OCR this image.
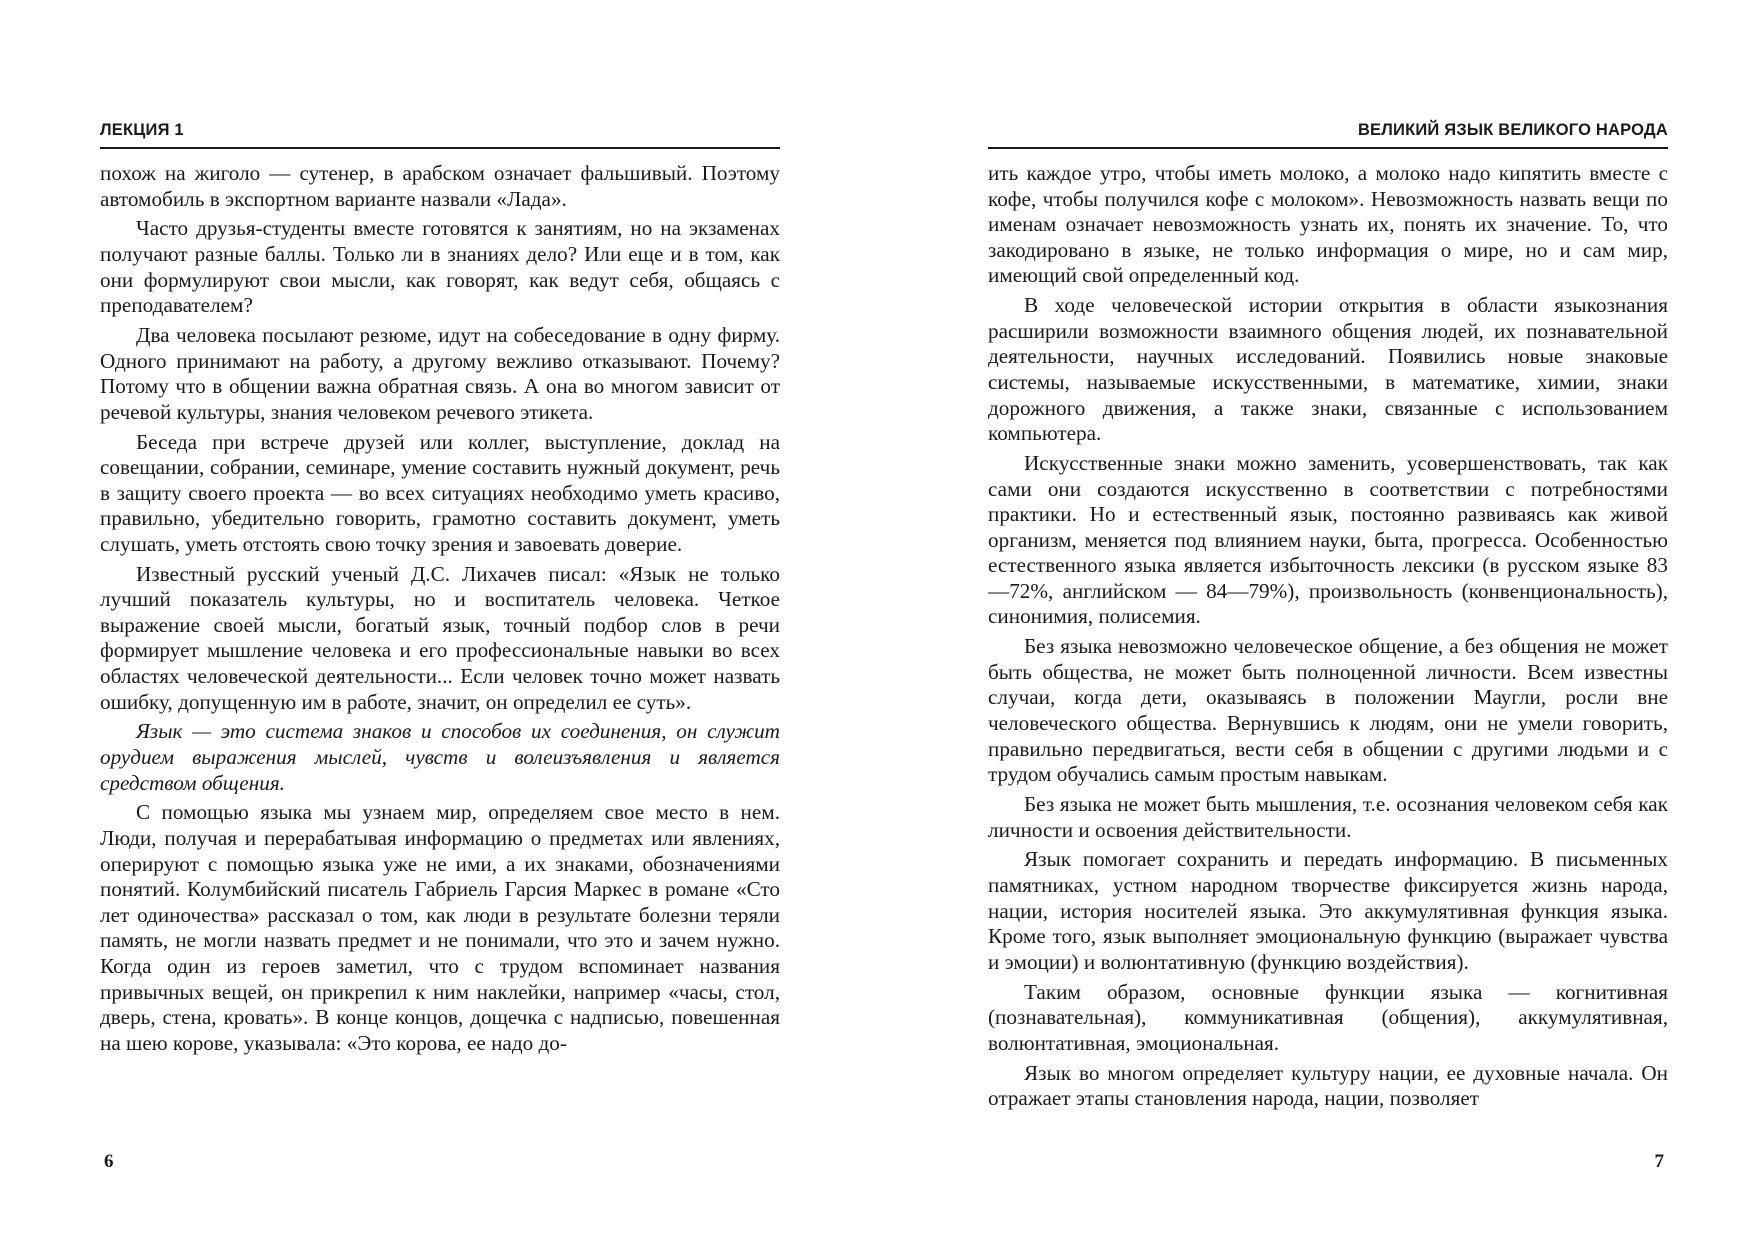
ЛЕКЦИЯ 1

похож на жиголо — сутенер, в арабском означает фальшивый. Поэтому автомобиль в экспортном варианте назвали «Лада».

Часто друзья-студенты вместе готовятся к занятиям, но на экзаменах получают разные баллы. Только ли в знаниях дело? Или еще и в том, как они формулируют свои мысли, как говорят, как ведут себя, общаясь с преподавателем?

Два человека посылают резюме, идут на собеседование в одну фирму. Одного принимают на работу, а другому вежливо отказывают. Почему? Потому что в общении важна обратная связь. А она во многом зависит от речевой культуры, знания человеком речевого этикета.

Беседа при встрече друзей или коллег, выступление, доклад на совещании, собрании, семинаре, умение составить нужный документ, речь в защиту своего проекта — во всех ситуациях необходимо уметь красиво, правильно, убедительно говорить, грамотно составить документ, уметь слушать, уметь отстоять свою точку зрения и завоевать доверие.

Известный русский ученый Д.С. Лихачев писал: «Язык не только лучший показатель культуры, но и воспитатель человека. Четкое выражение своей мысли, богатый язык, точный подбор слов в речи формирует мышление человека и его профессиональные навыки во всех областях человеческой деятельности... Если человек точно может назвать ошибку, допущенную им в работе, значит, он определил ее суть».

Язык — это система знаков и способов их соединения, он служит орудием выражения мыслей, чувств и волеизъявления и является средством общения.

С помощью языка мы узнаем мир, определяем свое место в нем. Люди, получая и перерабатывая информацию о предметах или явлениях, оперируют с помощью языка уже не ими, а их знаками, обозначениями понятий. Колумбийский писатель Габриель Гарсия Маркес в романе «Сто лет одиночества» рассказал о том, как люди в результате болезни теряли память, не могли назвать предмет и не понимали, что это и зачем нужно. Когда один из героев заметил, что с трудом вспоминает названия привычных вещей, он прикрепил к ним наклейки, например «часы, стол, дверь, стена, кровать». В конце концов, дощечка с надписью, повешенная на шею корове, указывала: «Это корова, ее надо до-

6
ВЕЛИКИЙ ЯЗЫК ВЕЛИКОГО НАРОДА

ить каждое утро, чтобы иметь молоко, а молоко надо кипятить вместе с кофе, чтобы получился кофе с молоком». Невозможность назвать вещи по именам означает невозможность узнать их, понять их значение. То, что закодировано в языке, не только информация о мире, но и сам мир, имеющий свой определенный код.

В ходе человеческой истории открытия в области языкознания расширили возможности взаимного общения людей, их познавательной деятельности, научных исследований. Появились новые знаковые системы, называемые искусственными, в математике, химии, знаки дорожного движения, а также знаки, связанные с использованием компьютера.

Искусственные знаки можно заменить, усовершенствовать, так как сами они создаются искусственно в соответствии с потребностями практики. Но и естественный язык, постоянно развиваясь как живой организм, меняется под влиянием науки, быта, прогресса. Особенностью естественного языка является избыточность лексики (в русском языке 83—72%, английском — 84—79%), произвольность (конвенциональность), синонимия, полисемия.

Без языка невозможно человеческое общение, а без общения не может быть общества, не может быть полноценной личности. Всем известны случаи, когда дети, оказываясь в положении Маугли, росли вне человеческого общества. Вернувшись к людям, они не умели говорить, правильно передвигаться, вести себя в общении с другими людьми и с трудом обучались самым простым навыкам.

Без языка не может быть мышления, т.е. осознания человеком себя как личности и освоения действительности.

Язык помогает сохранить и передать информацию. В письменных памятниках, устном народном творчестве фиксируется жизнь народа, нации, история носителей языка. Это аккумулятивная функция языка. Кроме того, язык выполняет эмоциональную функцию (выражает чувства и эмоции) и волюнтативную (функцию воздействия).

Таким образом, основные функции языка — когнитивная (познавательная), коммуникативная (общения), аккумулятивная, волюнтативная, эмоциональная.

Язык во многом определяет культуру нации, ее духовные начала. Он отражает этапы становления народа, нации, позволяет

7
